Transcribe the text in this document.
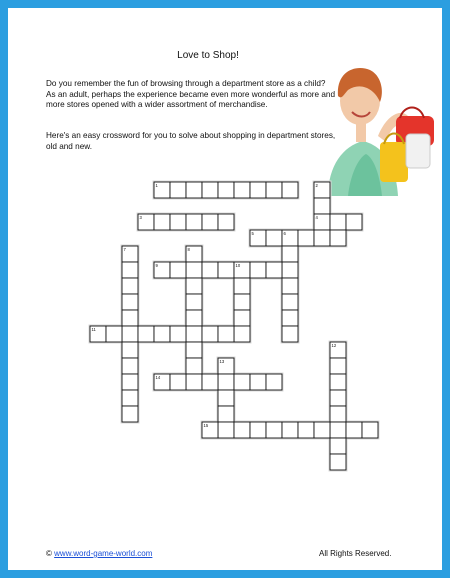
Love to Shop!

Do you remember the fun of browsing through a department store as a child? As an adult, perhaps the experience became even more wonderful as more and more stores opened with a wider assortment of merchandise.

Here's an easy crossword for you to solve about shopping in department stores, old and new.

1	2
3	4
5	6
7	8
9	10
11
12
13
14
15
© www.word-game-world.com	All Rights Reserved.
